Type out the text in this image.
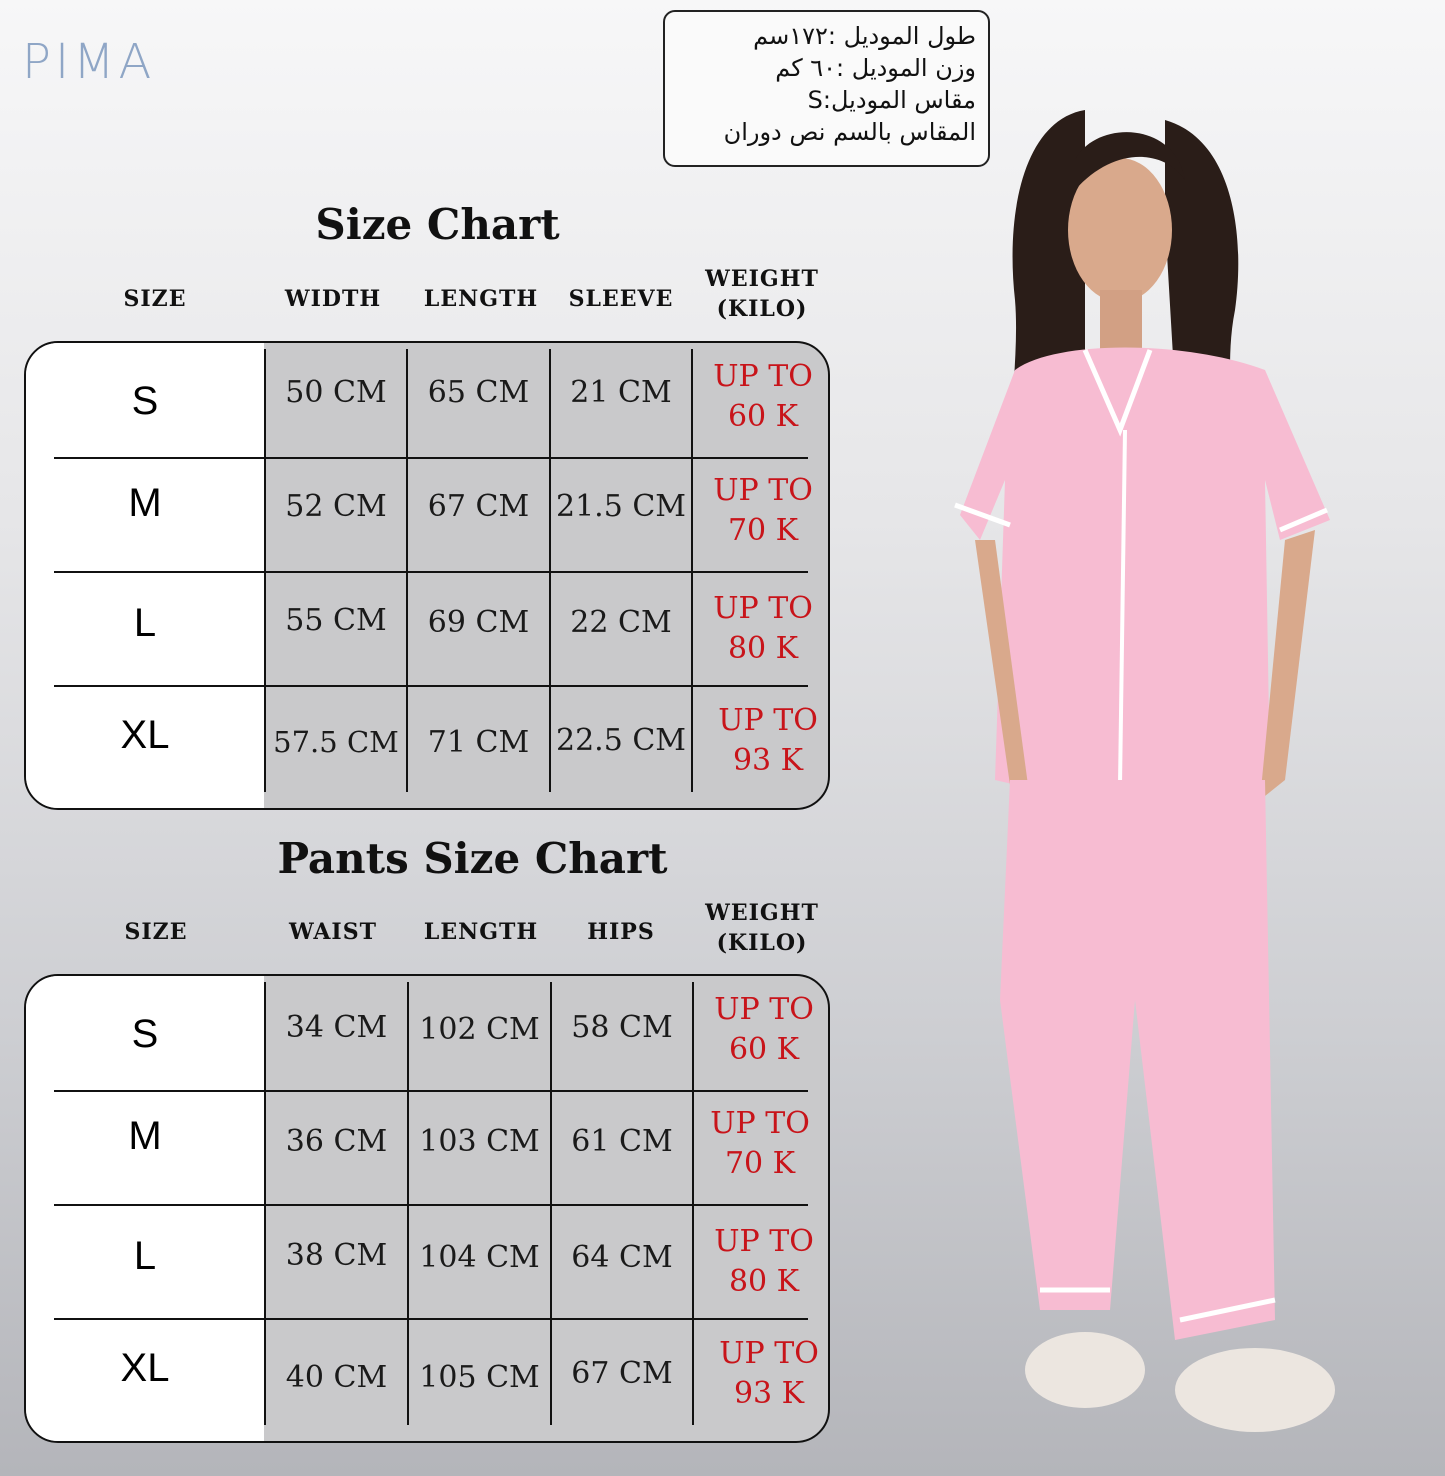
PIMA	طول الموديل :١٧٢سم
وزن الموديل :٦٠ كم
مقاس الموديل:S
المقاس بالسم نص دوران
Size Chart
SIZE	WIDTH	LENGTH	SLEEVE
WEIGHT
(KILO)
S	50 CM	65 CM	21 CM	UP TO
60 K
M	52 CM	67 CM 21.5 CM UP TO
70 K
L	55 CM	69 CM	22 CM	UP TO
80 K
XL	57.5 CM 71 CM 22.5 CM
UP TO
93 K
Pants Size Chart
SIZE	WAIST	LENGTH	HIPS
WEIGHT
(KILO)
S	34 CM	102 CM	58 CM
UP TO
60 K
M	36 CM	103 CM	61 CM
UP TO
70 K
L	38 CM	104 CM	64 CM	UP TO
80 K
XL	40 CM	105 CM	67 CM
UP TO
93 K
